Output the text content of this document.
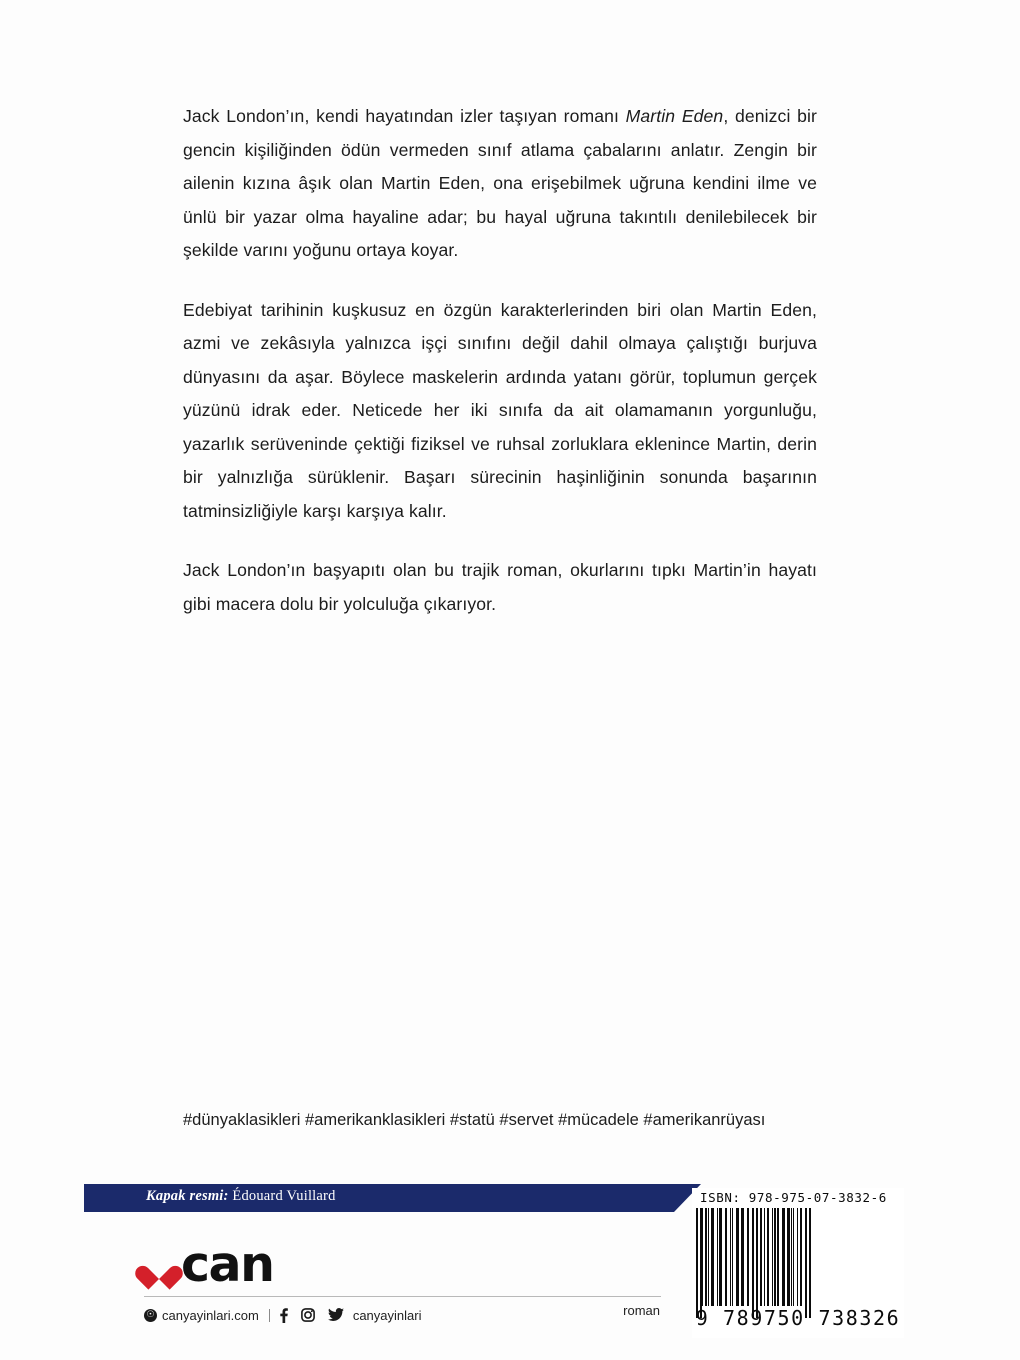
Jack London’ın, kendi hayatından izler taşıyan romanı Martin Eden, denizci bir gencin kişiliğinden ödün vermeden sınıf atlama çabalarını anlatır. Zengin bir ailenin kızına âşık olan Martin Eden, ona erişebilmek uğruna kendini ilme ve ünlü bir yazar olma hayaline adar; bu hayal uğruna takıntılı denilebilecek bir şekilde varını yoğunu ortaya koyar.

Edebiyat tarihinin kuşkusuz en özgün karakterlerinden biri olan Martin Eden, azmi ve zekâsıyla yalnızca işçi sınıfını değil dahil olmaya çalıştığı burjuva dünyasını da aşar. Böylece maskelerin ardında yatanı görür, toplumun gerçek yüzünü idrak eder. Neticede her iki sınıfa da ait olamamanın yorgunluğu, yazarlık serüveninde çektiği fiziksel ve ruhsal zorluklara eklenince Martin, derin bir yalnızlığa sürüklenir. Başarı sürecinin haşinliğinin sonunda başarının tatminsizliğiyle karşı karşıya kalır.

Jack London’ın başyapıtı olan bu trajik roman, okurlarını tıpkı Martin’in hayatı gibi macera dolu bir yolculuğa çıkarıyor.

#dünyaklasikleri #amerikanklasikleri #statü #servet #mücadele #amerikanrüyası
Kapak resmi: Édouard Vuillard
can
☉ canyayinlari.com	canyayinlari	roman
ISBN: 978-975-07-3832-6
9 789750 738326
